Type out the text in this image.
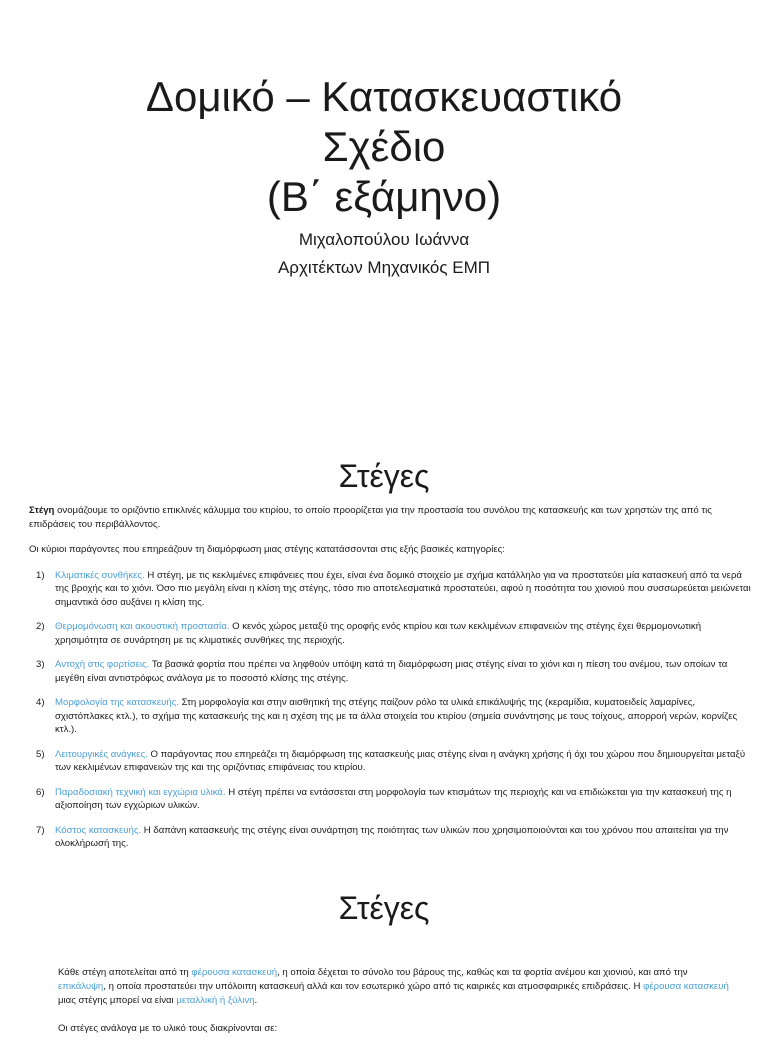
Δομικό – Κατασκευαστικό
Σχέδιο
(Β΄ εξάμηνο)
Μιχαλοπούλου Ιωάννα
Αρχιτέκτων Μηχανικός ΕΜΠ
Στέγες

Στέγη ονομάζουμε το οριζόντιο επικλινές κάλυμμα του κτιρίου, το οποίο προορίζεται για την προστασία του συνόλου της κατασκευής και των χρηστών της από τις επιδράσεις του περιβάλλοντος.

Οι κύριοι παράγοντες που επηρεάζουν τη διαμόρφωση μιας στέγης κατατάσσονται στις εξής βασικές κατηγορίες:

1) Κλιματικές συνθήκες. Η στέγη, με τις κεκλιμένες επιφάνειες που έχει, είναι ένα δομικό στοιχείο με σχήμα κατάλληλο για να προστατεύει μία κατασκευή από τα νερά της βροχής και το χιόνι. Όσο πιο μεγάλη είναι η κλίση της στέγης, τόσο πιο αποτελεσματικά προστατεύει, αφού η ποσότητα του χιονιού που συσσωρεύεται μειώνεται σημαντικά όσο αυξάνει η κλίση της.
2) Θερμομόνωση και ακουστική προστασία. Ο κενός χώρος μεταξύ της οροφής ενός κτιρίου και των κεκλιμένων επιφανειών της στέγης έχει θερμομονωτική χρησιμότητα σε συνάρτηση με τις κλιματικές συνθήκες της περιοχής.
3) Αντοχή στις φορτίσεις. Τα βασικά φορτία που πρέπει να ληφθούν υπόψη κατά τη διαμόρφωση μιας στέγης είναι το χιόνι και η πίεση του ανέμου, των οποίων τα μεγέθη είναι αντιστρόφως ανάλογα με το ποσοστό κλίσης της στέγης.
4) Μορφολογία της κατασκευής. Στη μορφολογία και στην αισθητική της στέγης παίζουν ρόλο τα υλικά επικάλυψής της (κεραμίδια, κυματοειδείς λαμαρίνες, σχιστόπλακες κτλ.), το σχήμα της κατασκευής της και η σχέση της με τα άλλα στοιχεία του κτιρίου (σημεία συνάντησης με τους τοίχους, απορροή νερών, κορνίζες κτλ.).
5) Λειτουργικές ανάγκες. Ο παράγοντας που επηρεάζει τη διαμόρφωση της κατασκευής μιας στέγης είναι η ανάγκη χρήσης ή όχι του χώρου που δημιουργείται μεταξύ των κεκλιμένων επιφανειών της και της οριζόντιας επιφάνειας του κτιρίου.
6) Παραδοσιακή τεχνική και εγχώρια υλικά. Η στέγη πρέπει να εντάσσεται στη μορφολογία των κτισμάτων της περιοχής και να επιδιώκεται για την κατασκευή της η αξιοποίηση των εγχώριων υλικών.
7) Κόστος κατασκευής. Η δαπάνη κατασκευής της στέγης είναι συνάρτηση της ποιότητας των υλικών που χρησιμοποιούνται και του χρόνου που απαιτείται για την ολοκλήρωσή της.
Στέγες

Κάθε στέγη αποτελείται από τη φέρουσα κατασκευή, η οποία δέχεται το σύνολο του βάρους της, καθώς και τα φορτία ανέμου και χιονιού, και από την επικάλυψη, η οποία προστατεύει την υπόλοιπη κατασκευή αλλά και τον εσωτερικό χώρο από τις καιρικές και ατμοσφαιρικές επιδράσεις. Η φέρουσα κατασκευή μιας στέγης μπορεί να είναι μεταλλική ή ξύλινη.

Οι στέγες ανάλογα με το υλικό τους διακρίνονται σε:
